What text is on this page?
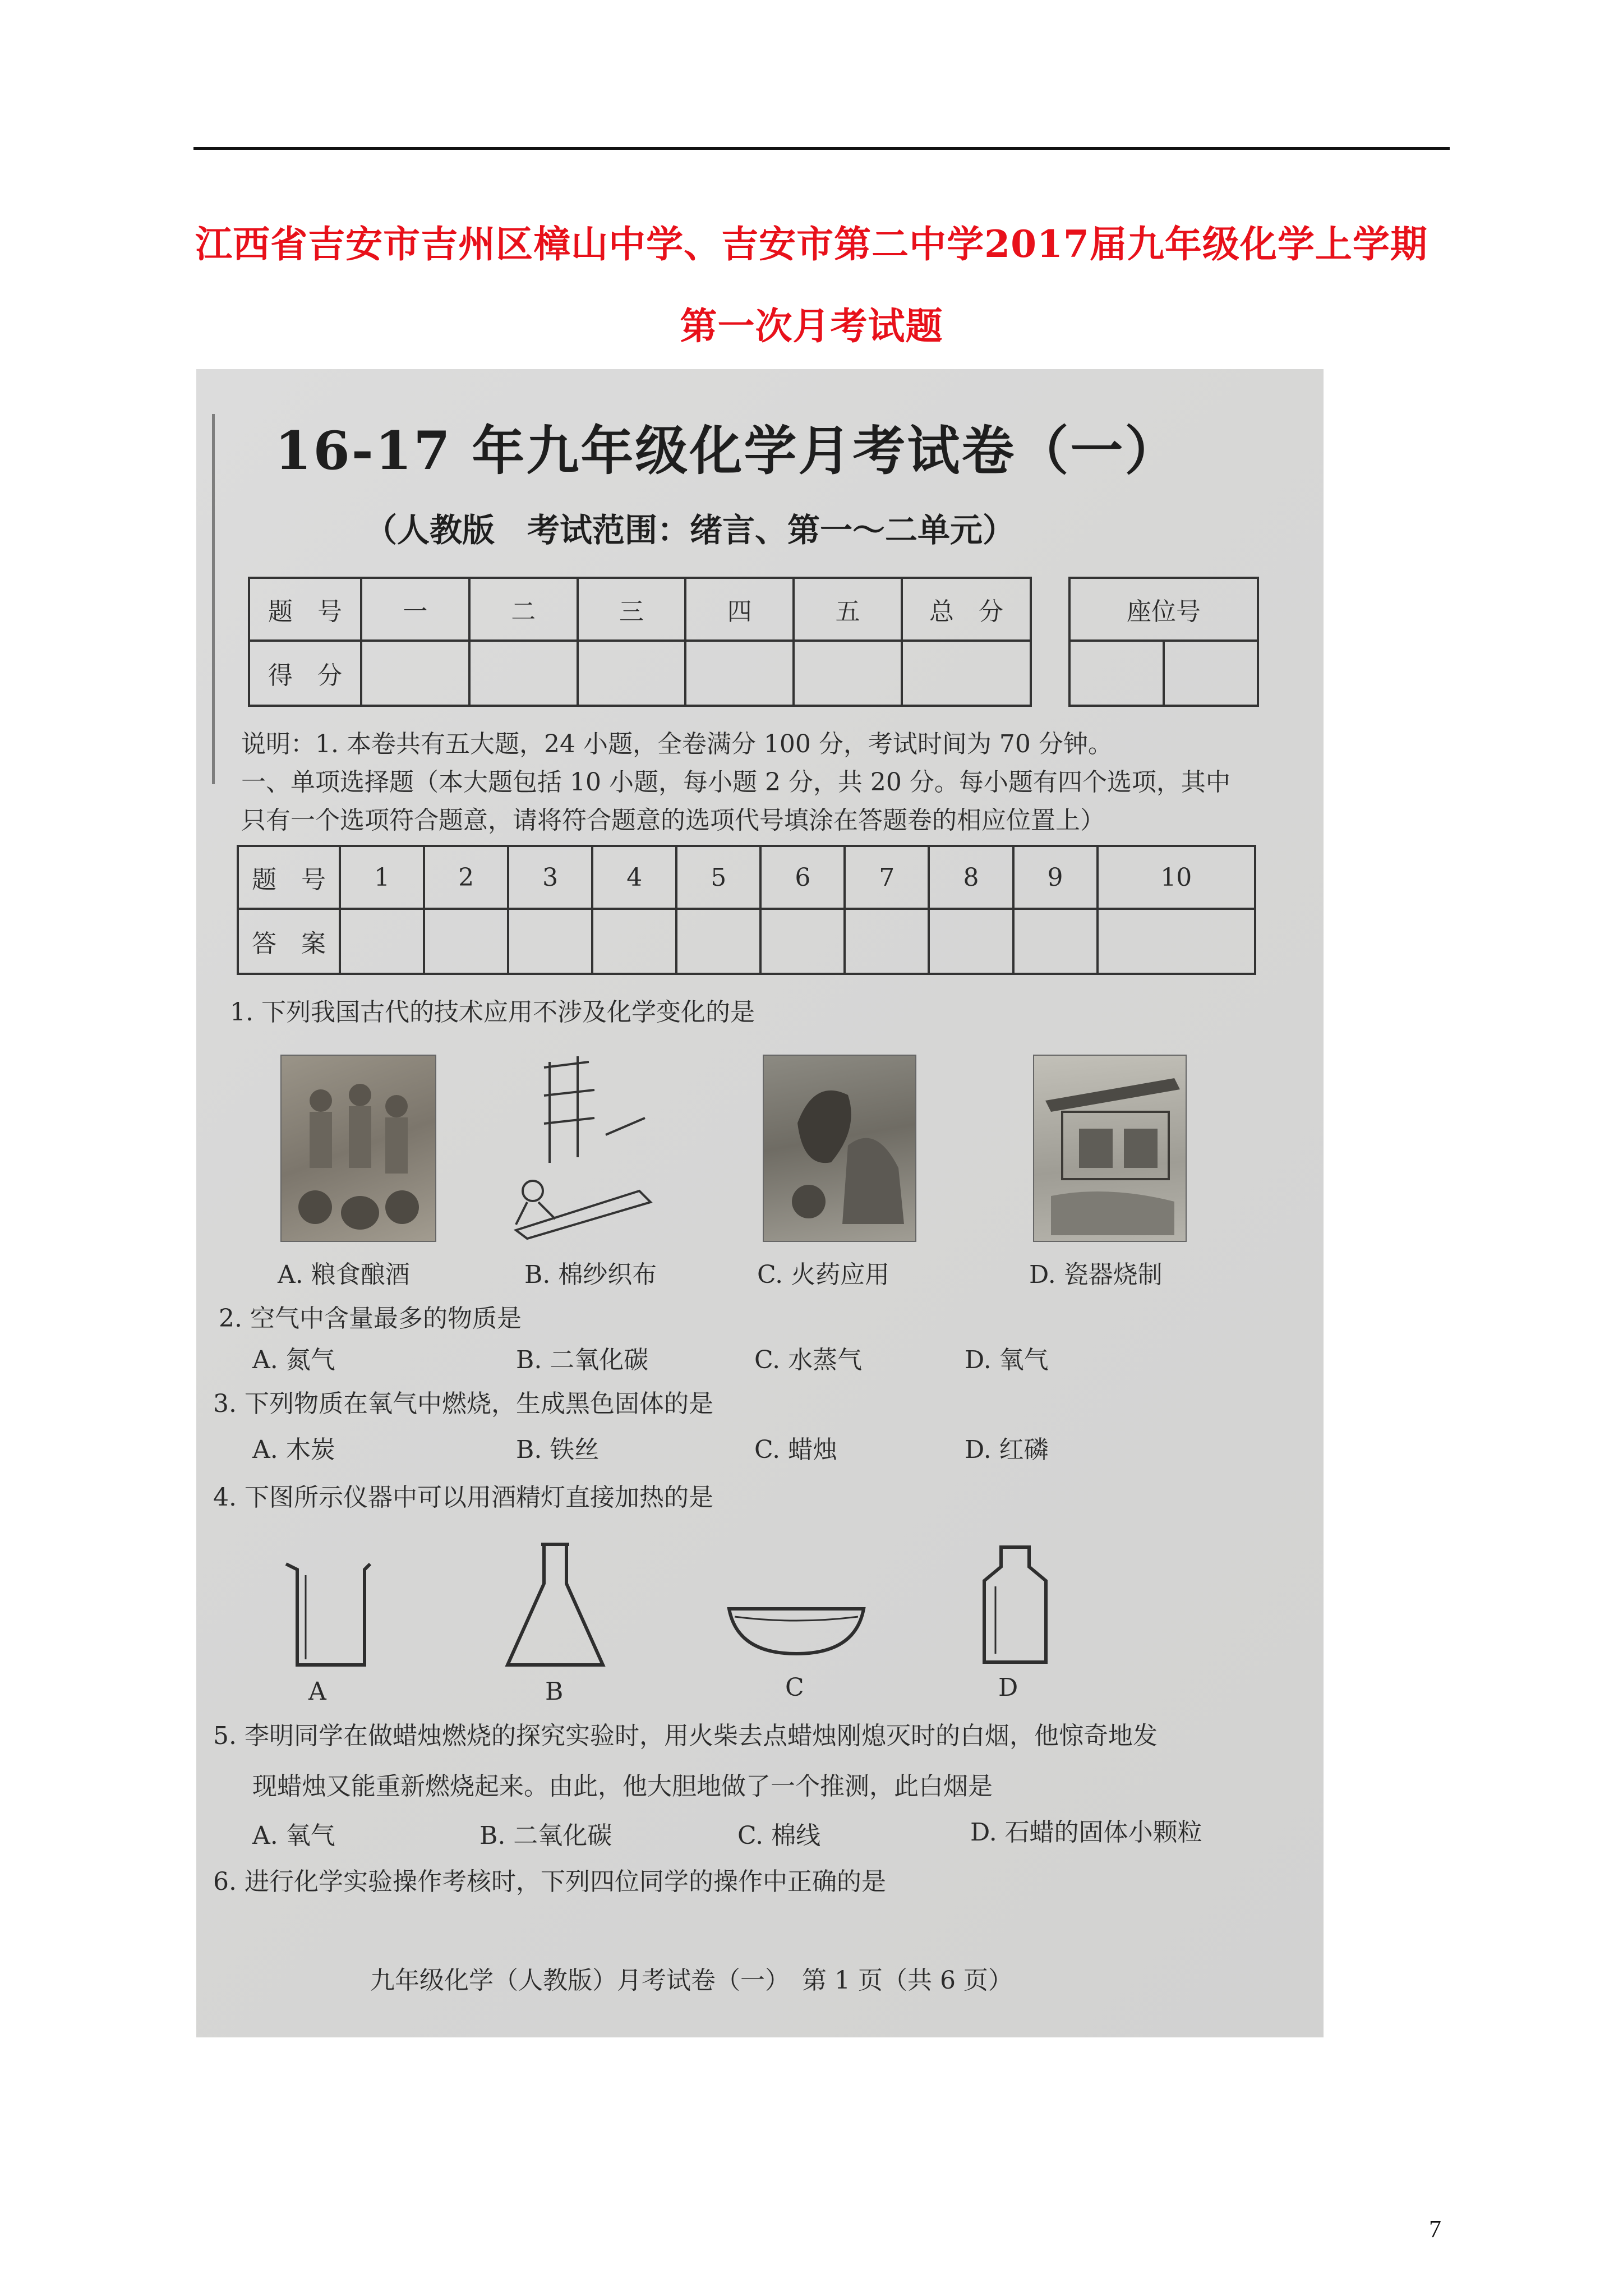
江西省吉安市吉州区樟山中学、吉安市第二中学2017届九年级化学上学期
第一次月考试题
16-17 年九年级化学月考试卷（一）
（人教版　考试范围：绪言、第一～二单元）
题　号	一	二	三	四	五	总　分
得　分						
座位号

说明：1. 本卷共有五大题，24 小题，全卷满分 100 分，考试时间为 70 分钟。
一、单项选择题（本大题包括 10 小题，每小题 2 分，共 20 分。每小题有四个选项，其中
只有一个选项符合题意，请将符合题意的选项代号填涂在答题卷的相应位置上）
题　号	1	2	3	4	5	6	7	8	9	10
答　案										
1. 下列我国古代的技术应用不涉及化学变化的是
A. 粮食酿酒	B. 棉纱织布	C. 火药应用	D. 瓷器烧制
2. 空气中含量最多的物质是
A. 氮气	B. 二氧化碳	C. 水蒸气	D. 氧气
3. 下列物质在氧气中燃烧，生成黑色固体的是
A. 木炭	B. 铁丝	C. 蜡烛	D. 红磷
4. 下图所示仪器中可以用酒精灯直接加热的是
A	B	C	D
5. 李明同学在做蜡烛燃烧的探究实验时，用火柴去点蜡烛刚熄灭时的白烟，他惊奇地发
现蜡烛又能重新燃烧起来。由此，他大胆地做了一个推测，此白烟是
A. 氧气	B. 二氧化碳	C. 棉线	D. 石蜡的固体小颗粒
6. 进行化学实验操作考核时，下列四位同学的操作中正确的是
九年级化学（人教版）月考试卷（一）　第 1 页（共 6 页）
7
